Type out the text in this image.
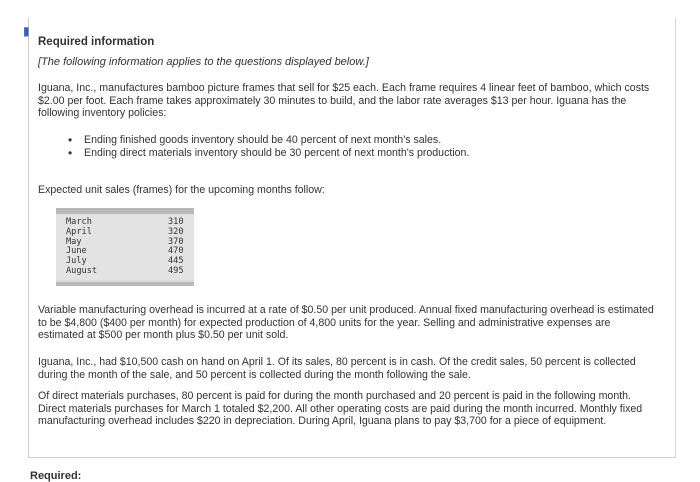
▮
Required information
[The following information applies to the questions displayed below.]
Iguana, Inc., manufactures bamboo picture frames that sell for $25 each. Each frame requires 4 linear feet of bamboo, which costs $2.00 per foot. Each frame takes approximately 30 minutes to build, and the labor rate averages $13 per hour. Iguana has the following inventory policies:
• Ending finished goods inventory should be 40 percent of next month's sales.
• Ending direct materials inventory should be 30 percent of next month's production.
Expected unit sales (frames) for the upcoming months follow:
March
April
May
June
July
August
310
320
370
470
445
495
Variable manufacturing overhead is incurred at a rate of $0.50 per unit produced. Annual fixed manufacturing overhead is estimated to be $4,800 ($400 per month) for expected production of 4,800 units for the year. Selling and administrative expenses are estimated at $500 per month plus $0.50 per unit sold.
Iguana, Inc., had $10,500 cash on hand on April 1. Of its sales, 80 percent is in cash. Of the credit sales, 50 percent is collected during the month of the sale, and 50 percent is collected during the month following the sale.
Of direct materials purchases, 80 percent is paid for during the month purchased and 20 percent is paid in the following month. Direct materials purchases for March 1 totaled $2,200. All other operating costs are paid during the month incurred. Monthly fixed manufacturing overhead includes $220 in depreciation. During April, Iguana plans to pay $3,700 for a piece of equipment.
Required:
